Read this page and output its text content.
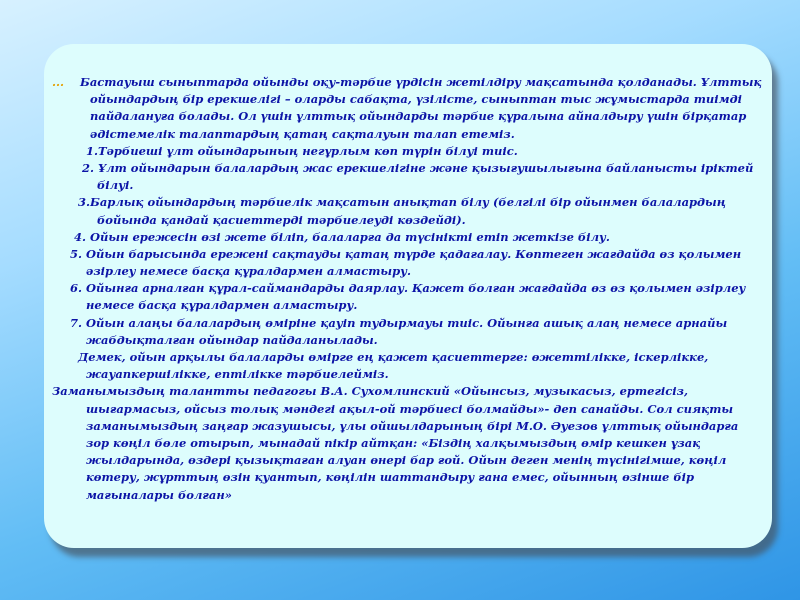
... Бастауыш сыныптарда ойынды оқу-тәрбие үрдісін жетілдіру мақсатында қолданады. Ұлттық
ойындардың бір ерекшелігі – оларды сабақта, үзілісте, сыныптан тыс жұмыстарда тиімді
пайдалануға болады. Ол үшін ұлттық ойындарды тәрбие құралына айналдыру үшін бірқатар
әдістемелік талаптардың қатаң сақталуын талап етеміз.
1.Тәрбиеші ұлт ойындарының негұрлым көп түрін білуі тиіс.
2. Ұлт ойындарын балалардың жас ерекшелігіне және қызығушылығына байланысты іріктей
білуі.
3.Барлық ойындардың тәрбиелік мақсатын анықтап білу (белгілі бір ойынмен балалардың
бойында қандай қасиеттерді тәрбиелеуді көздейді).
4. Ойын ережесін өзі жете біліп, балаларға да түсінікті етіп жеткізе білу.
5. Ойын барысында ережені сақтауды қатаң түрде қадағалау. Көптеген жағдайда өз қолымен
әзірлеу немесе басқа құралдармен алмастыру.
6. Ойынға арналған құрал-саймандарды даярлау. Қажет болған жағдайда өз өз қолымен әзірлеу
немесе басқа құралдармен алмастыру.
7. Ойын алаңы балалардың өміріне қауіп тудырмауы тиіс. Ойынға ашық алаң немесе арнайы
жабдықталған ойындар пайдаланылады.
Демек, ойын арқылы балаларды өмірге ең қажет қасиеттерге: өжеттілікке, іскерлікке,
жауапкершілікке, ептілікке тәрбиелейміз.
Заманымыздың талантты педагогы В.А. Сухомлинский «Ойынсыз, музыкасыз, ертегісіз,
шығармасыз, ойсыз толық мәндегі ақыл-ой тәрбиесі болмайды»- деп санайды. Сол сияқты
заманымыздың заңғар жазушысы, ұлы ойшылдарының бірі М.О. Әуезов ұлттық ойындарға
зор көңіл бөле отырып, мынадай пікір айтқан: «Біздің халқымыздың өмір кешкен ұзақ
жылдарында, өздері қызықтаған алуан өнері бар ғой. Ойын деген менің түсінігімше, көңіл
көтеру, жұрттың өзін қуантып, көңілін шаттандыру ғана емес, ойынның өзінше бір
мағыналары болған»
